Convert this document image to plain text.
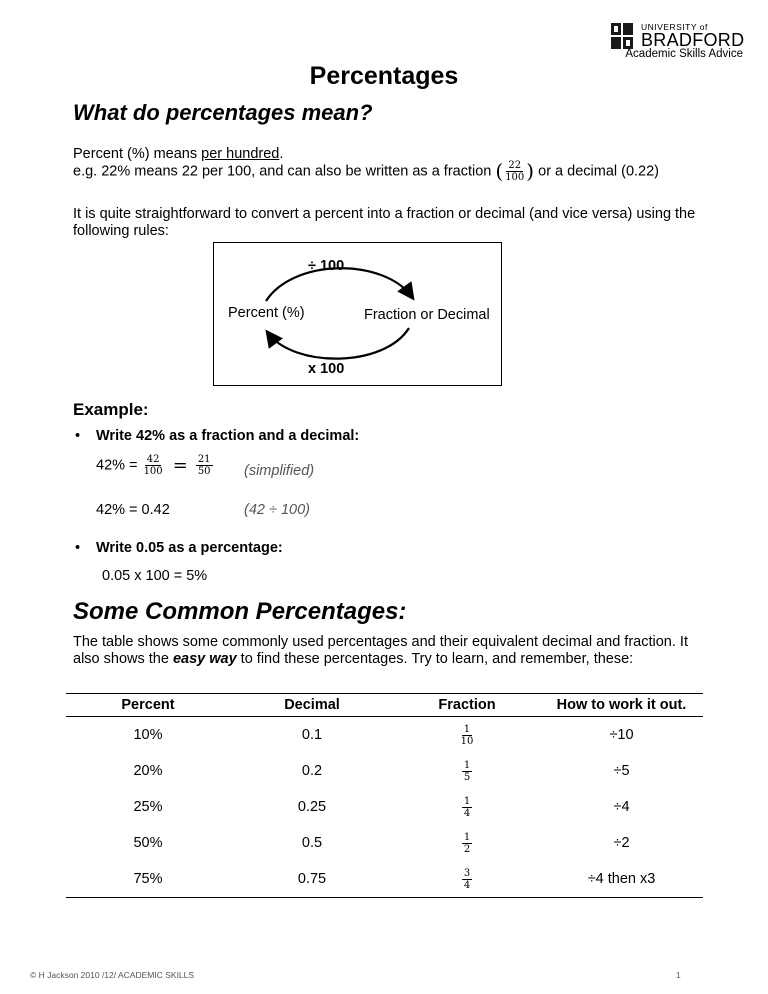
UNIVERSITY of
BRADFORD
Academic Skills Advice
Percentages
What do percentages mean?
Percent (%) means per hundred.
e.g. 22% means 22 per 100, and can also be written as a fraction ( $\frac{22}{100}$ ) or a decimal (0.22)
It is quite straightforward to convert a percent into a fraction or decimal (and vice versa) using the following rules:
÷ 100
Percent (%)	Fraction or Decimal
x 100
Example:
• Write 42% as a fraction and a decimal:
$42\% = \frac{42}{100} = \frac{21}{50}$ (simplified)
42% = 0.42	(42 ÷ 100)
• Write 0.05 as a percentage:
0.05 x 100 = 5%
Some Common Percentages:
The table shows some commonly used percentages and their equivalent decimal and fraction. It also shows the easy way to find these percentages. Try to learn, and remember, these:
Percent	Decimal	Fraction	How to work it out.
10%	0.1	$\frac{1}{10}$	÷10
20%	0.2	$\frac{1}{5}$	÷5
25%	0.25	$\frac{1}{4}$	÷4
50%	0.5	$\frac{1}{2}$	÷2
75%	0.75	$\frac{3}{4}$	÷4 then x3
© H Jackson 2010 /12/ ACADEMIC SKILLS	1
